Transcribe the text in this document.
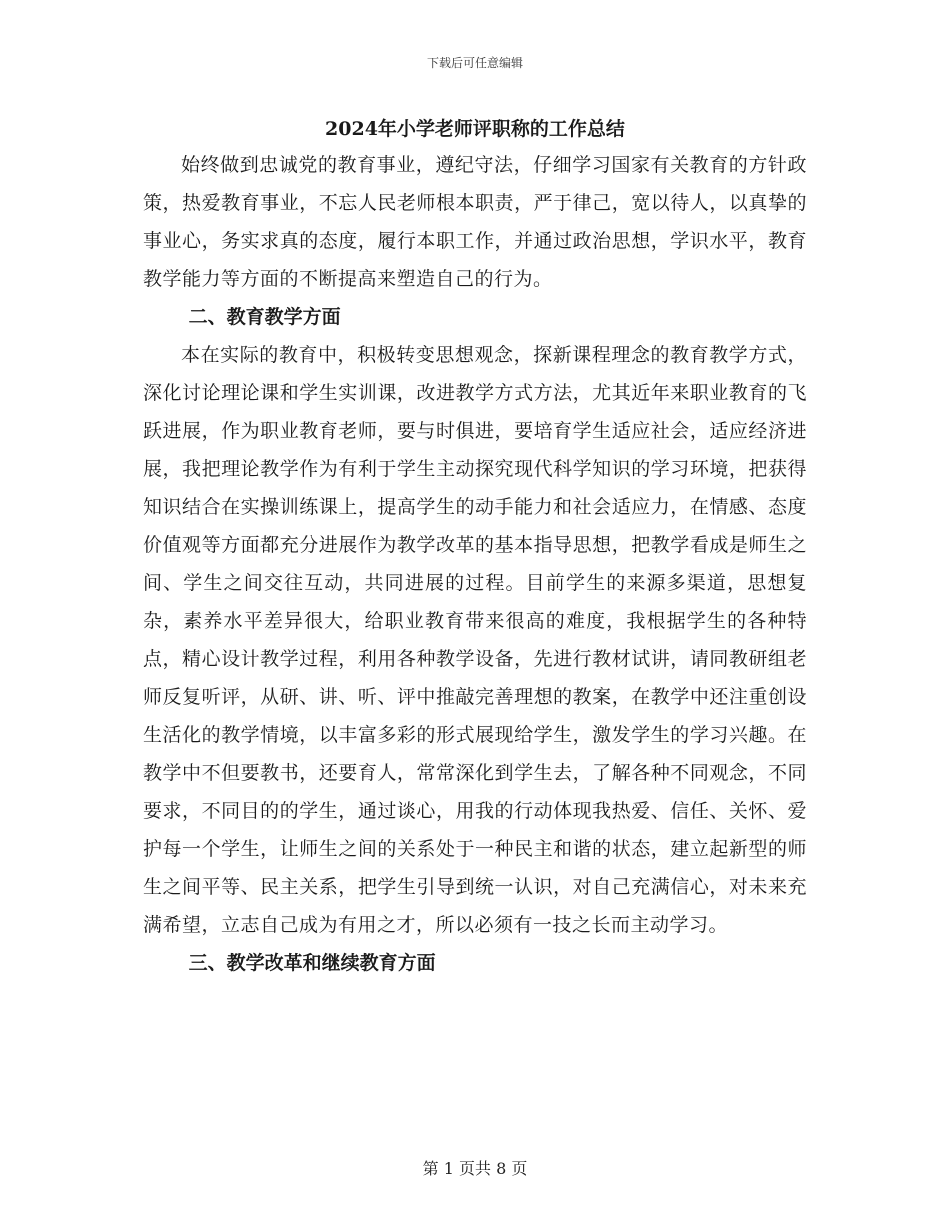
下载后可任意编辑
2024年小学老师评职称的工作总结

始终做到忠诚党的教育事业，遵纪守法，仔细学习国家有关教育的方针政策，热爱教育事业，不忘人民老师根本职责，严于律己，宽以待人，以真挚的事业心，务实求真的态度，履行本职工作，并通过政治思想，学识水平，教育教学能力等方面的不断提高来塑造自己的行为。

二、教育教学方面

本在实际的教育中，积极转变思想观念，探新课程理念的教育教学方式，深化讨论理论课和学生实训课，改进教学方式方法，尤其近年来职业教育的飞跃进展，作为职业教育老师，要与时俱进，要培育学生适应社会，适应经济进展，我把理论教学作为有利于学生主动探究现代科学知识的学习环境，把获得知识结合在实操训练课上，提高学生的动手能力和社会适应力，在情感、态度价值观等方面都充分进展作为教学改革的基本指导思想，把教学看成是师生之间、学生之间交往互动，共同进展的过程。目前学生的来源多渠道，思想复杂，素养水平差异很大，给职业教育带来很高的难度，我根据学生的各种特点，精心设计教学过程，利用各种教学设备，先进行教材试讲，请同教研组老师反复听评，从研、讲、听、评中推敲完善理想的教案，在教学中还注重创设生活化的教学情境，以丰富多彩的形式展现给学生，激发学生的学习兴趣。在教学中不但要教书，还要育人，常常深化到学生去，了解各种不同观念，不同要求，不同目的的学生，通过谈心，用我的行动体现我热爱、信任、关怀、爱护每一个学生，让师生之间的关系处于一种民主和谐的状态，建立起新型的师生之间平等、民主关系，把学生引导到统一认识，对自己充满信心，对未来充满希望，立志自己成为有用之才，所以必须有一技之长而主动学习。

三、教学改革和继续教育方面

第 1 页共 8 页
